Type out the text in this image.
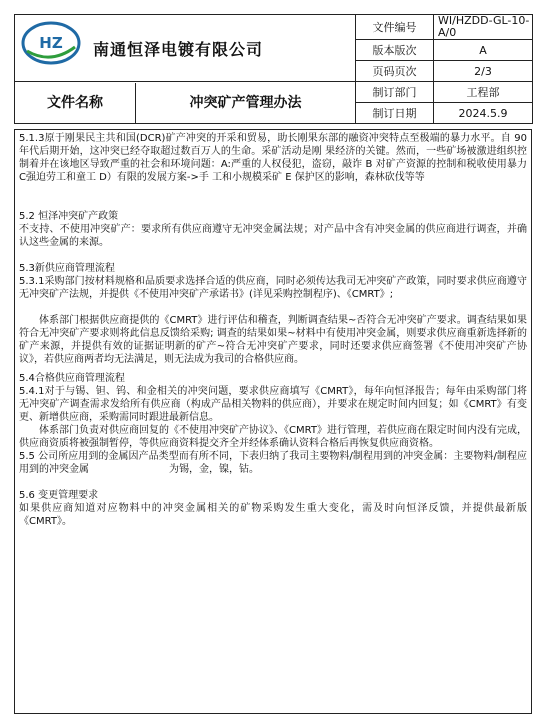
HZ 南通恒泽电镀有限公司	文件编号	WI/HZDD-GL-10-A/0
	版本版次	A
	页码页次	2/3

文件名称 冲突矿产管理办法	制订部门	工程部
	制订日期	2024.5.9

5.1.3原于刚果民主共和国(DCR)矿产冲突的开采和贸易，助长刚果东部的融资冲突特点至极端的暴力水平。自 90 年代后期开始，这冲突已经夺取超过数百万人的生命。采矿活动是刚 果经济的关键。然而，一些矿场被激进组织控制着并在该地区导致严重的社会和环境问题：A:严重的人权侵犯，盗窃，敲诈 B 对矿产资源的控制和税收使用暴力 C强迫劳工和童工 D）有限的发展方案->手 工和小规模采矿 E 保护区的影响，森林砍伐等等

5.2 恒泽冲突矿产政策

不支持、不使用冲突矿产：要求所有供应商遵守无冲突金属法规；对产品中含有冲突金属的供应商进行调查，并确认这些金属的来源。

5.3新供应商管理流程

5.3.1采购部门按材料规格和品质要求选择合适的供应商，同时必须传达我司无冲突矿产政策，同时要求供应商遵守无冲突矿产法规，并提供《不使用冲突矿产承诺书》(详见采购控制程序)、《CMRT》;

体系部门根据供应商提供的《CMRT》进行评估和稽查，判断调查结果~否符合无冲突矿产要求。调查结果如果符合无冲突矿产要求则将此信息反馈给采购; 调查的结果如果~材料中有使用冲突金属，则要求供应商重新选择新的矿产来源，并提供有效的证据证明新的矿产~符合无冲突矿产要求，同时还要求供应商签署《不使用冲突矿产协议》，若供应商两者均无法满足，则无法成为我司的合格供应商。

5.4合格供应商管理流程

5.4.1对于与锡、钽、钨、和金相关的冲突问题，要求供应商填写《CMRT》，每年向恒泽报告；每年由采购部门将无冲突矿产调查需求发给所有供应商（构成产品相关物料的供应商），并要求在规定时间内回复；如《CMRT》有变更、新增供应商，采购需同时跟进最新信息。

体系部门负责对供应商回复的《不使用冲突矿产协议》、《CMRT》进行管理，若供应商在限定时间内没有完成，供应商资质将被强制暂停，等供应商资料提交齐全并经体系确认资料合格后再恢复供应商资格。

5.5 公司所应用到的金属因产品类型而有所不同，下表归纳了我司主要物料/制程用到的冲突金属：主要物料/制程应用到的冲突金属	为锡，金，镍，钴。

5.6 变更管理要求

如果供应商知道对应物料中的冲突金属相关的矿物采购发生重大变化，需及时向恒泽反馈，并提供最新版《CMRT》。
